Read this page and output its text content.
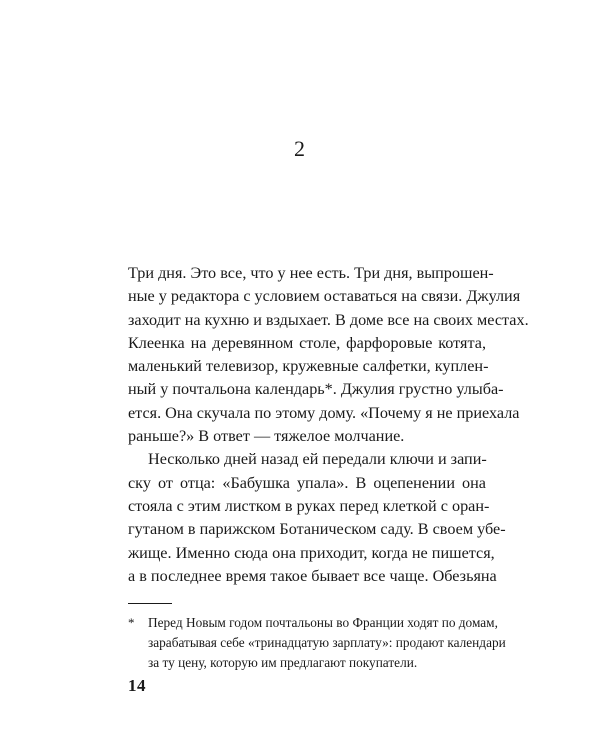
2
Три дня. Это все, что у нее есть. Три дня, выпрошен-
ные у редактора с условием оставаться на связи. Джулия
заходит на кухню и вздыхает. В доме все на своих местах.
Клеенка на деревянном столе, фарфоровые котята,
маленький телевизор, кружевные салфетки, куплен-
ный у почтальона календарь*. Джулия грустно улыба-
ется. Она скучала по этому дому. «Почему я не приехала
раньше?» В ответ — тяжелое молчание.
Несколько дней назад ей передали ключи и запи-
ску от отца: «Бабушка упала». В оцепенении она
стояла с этим листком в руках перед клеткой с оран-
гутаном в парижском Ботаническом саду. В своем убе-
жище. Именно сюда она приходит, когда не пишется,
а в последнее время такое бывает все чаще. Обезьяна
* Перед Новым годом почтальоны во Франции ходят по домам,
зарабатывая себе «тринадцатую зарплату»: продают календари
за ту цену, которую им предлагают покупатели.
14
